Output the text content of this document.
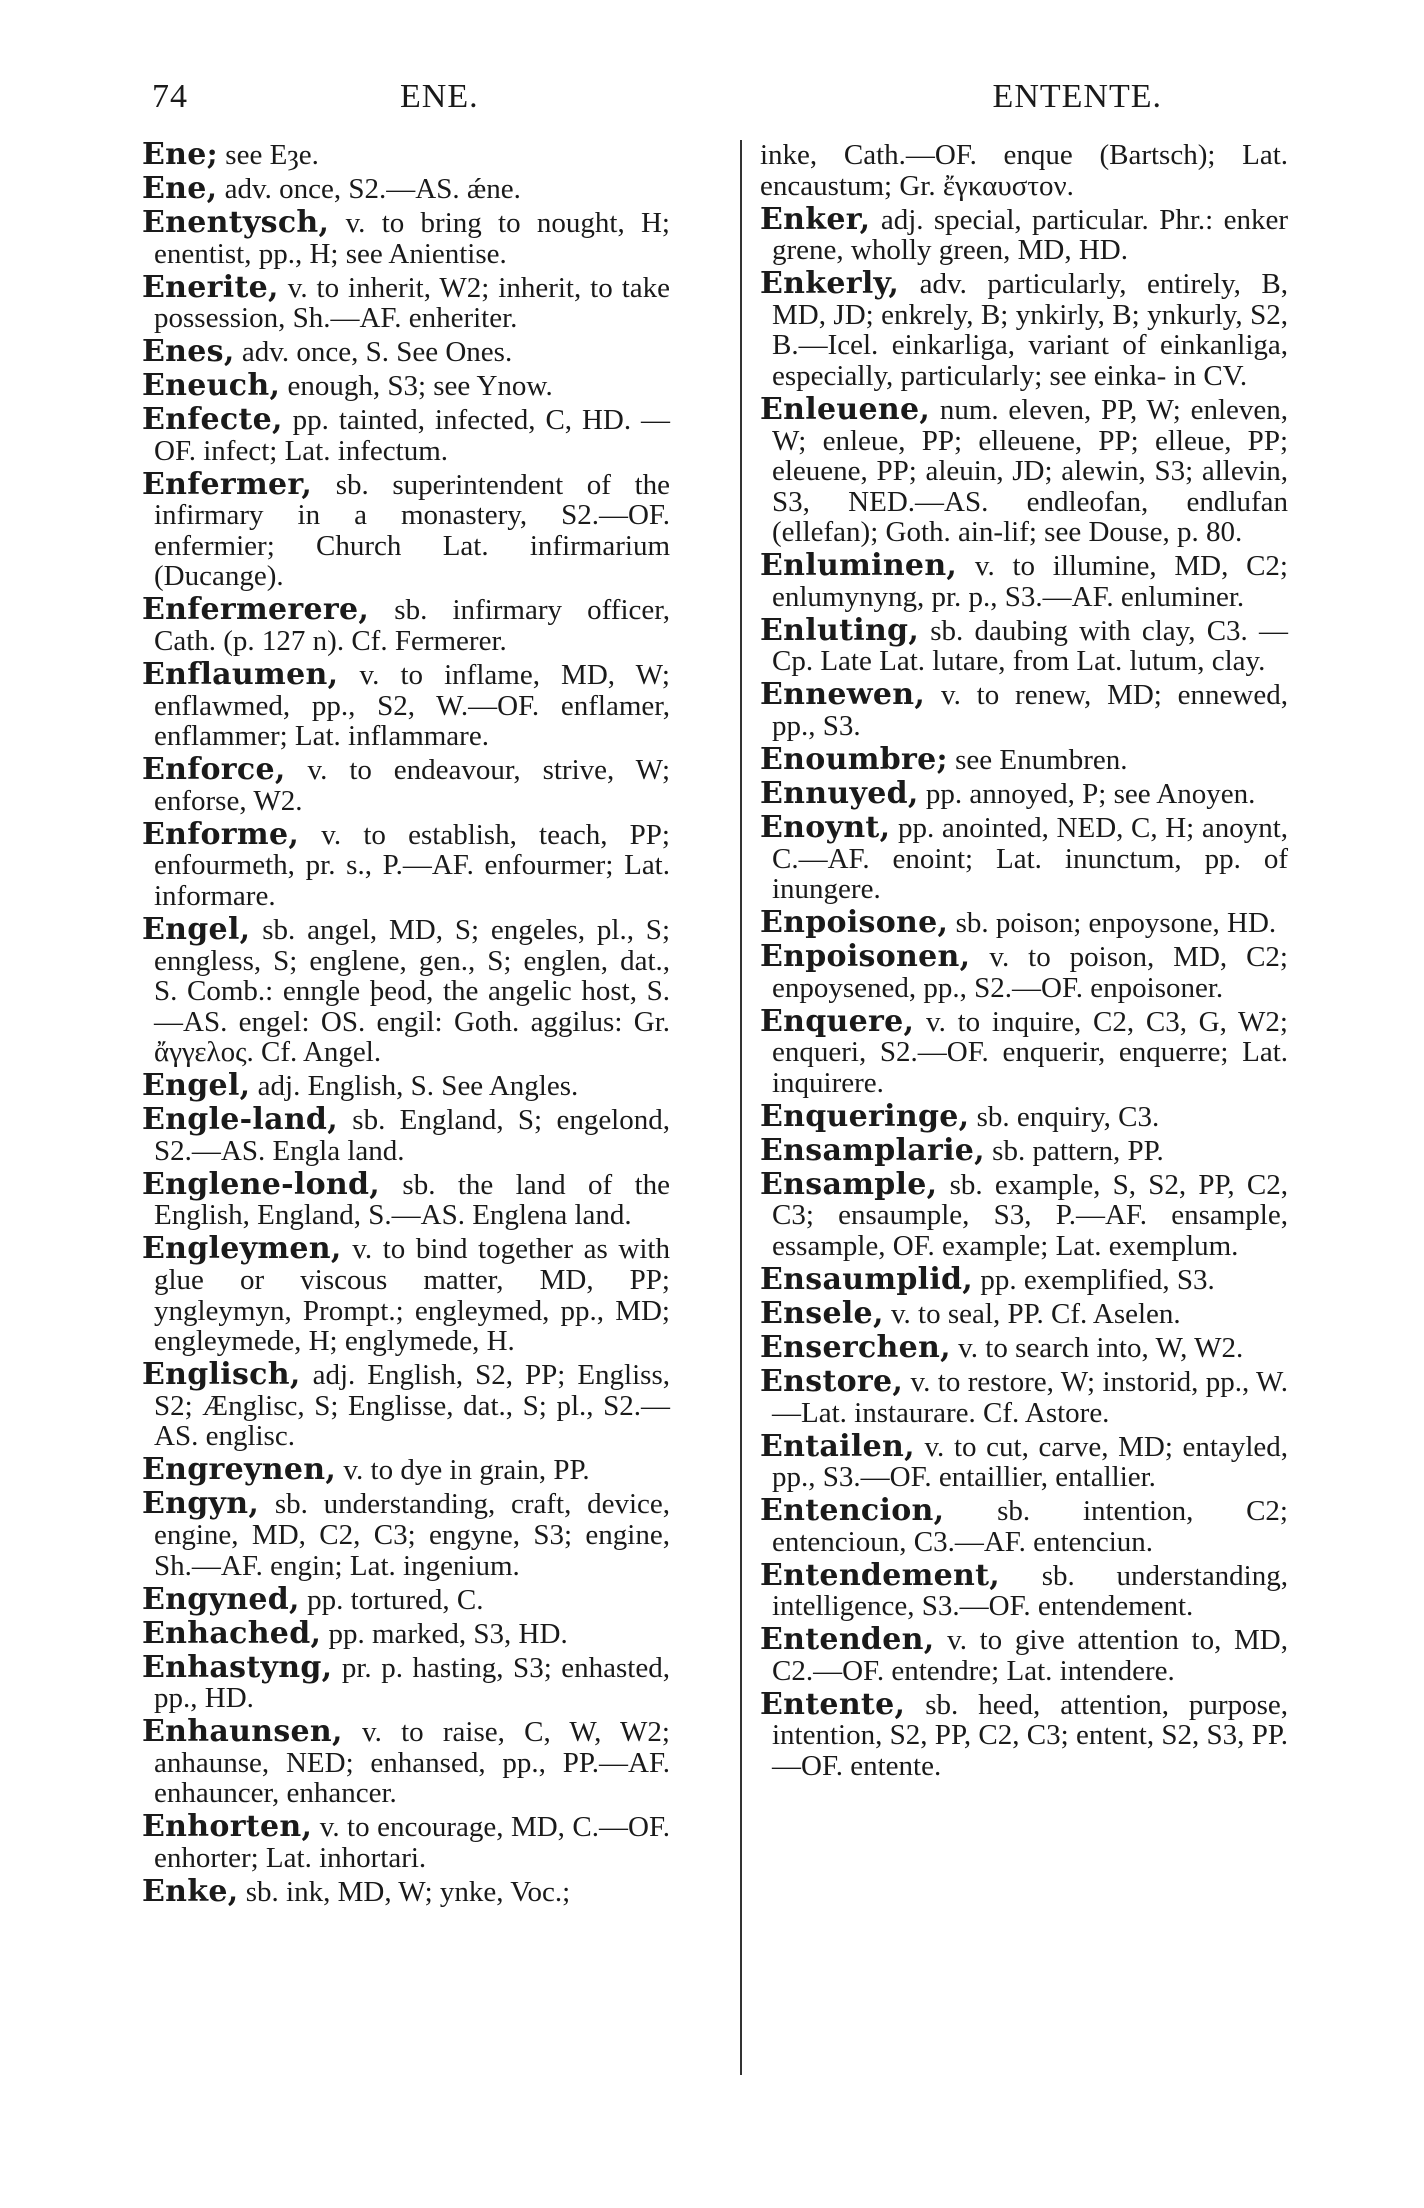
74	ENE.	ENTENTE.

Ene; see Eȝe.

Ene, adv. once, S2.—AS. ǽne.

Enentysch, v. to bring to nought, H; enentist, pp., H; see Anientise.

Enerite, v. to inherit, W2; inherit, to take possession, Sh.—AF. enheriter.

Enes, adv. once, S. See Ones.

Eneuch, enough, S3; see Ynow.

Enfecte, pp. tainted, infected, C, HD. —OF. infect; Lat. infectum.

Enfermer, sb. superintendent of the infirmary in a monastery, S2.—OF. enfermier; Church Lat. infirmarium (Ducange).

Enfermerere, sb. infirmary officer, Cath. (p. 127 n). Cf. Fermerer.

Enflaumen, v. to inflame, MD, W; enflawmed, pp., S2, W.—OF. enflamer, enflammer; Lat. inflammare.

Enforce, v. to endeavour, strive, W; enforse, W2.

Enforme, v. to establish, teach, PP; enfourmeth, pr. s., P.—AF. enfourmer; Lat. informare.

Engel, sb. angel, MD, S; engeles, pl., S; enngless, S; englene, gen., S; englen, dat., S. Comb.: enngle þeod, the angelic host, S.—AS. engel: OS. engil: Goth. aggilus: Gr. ἄγγελος. Cf. Angel.

Engel, adj. English, S. See Angles.

Engle-land, sb. England, S; engelond, S2.—AS. Engla land.

Englene-lond, sb. the land of the English, England, S.—AS. Englena land.

Engleymen, v. to bind together as with glue or viscous matter, MD, PP; yngleymyn, Prompt.; engleymed, pp., MD; engleymede, H; englymede, H.

Englisch, adj. English, S2, PP; Engliss, S2; Ænglisc, S; Englisse, dat., S; pl., S2.—AS. englisc.

Engreynen, v. to dye in grain, PP.

Engyn, sb. understanding, craft, device, engine, MD, C2, C3; engyne, S3; engine, Sh.—AF. engin; Lat. ingenium.

Engyned, pp. tortured, C.

Enhached, pp. marked, S3, HD.

Enhastyng, pr. p. hasting, S3; enhasted, pp., HD.

Enhaunsen, v. to raise, C, W, W2; anhaunse, NED; enhansed, pp., PP.—AF. enhauncer, enhancer.

Enhorten, v. to encourage, MD, C.—OF. enhorter; Lat. inhortari.

Enke, sb. ink, MD, W; ynke, Voc.;

inke, Cath.—OF. enque (Bartsch); Lat. encaustum; Gr. ἔγκαυστον.

Enker, adj. special, particular. Phr.: enker grene, wholly green, MD, HD.

Enkerly, adv. particularly, entirely, B, MD, JD; enkrely, B; ynkirly, B; ynkurly, S2, B.—Icel. einkarliga, variant of einkanliga, especially, particularly; see einka- in CV.

Enleuene, num. eleven, PP, W; enleven, W; enleue, PP; elleuene, PP; elleue, PP; eleuene, PP; aleuin, JD; alewin, S3; allevin, S3, NED.—AS. endleofan, endlufan (ellefan); Goth. ain-lif; see Douse, p. 80.

Enluminen, v. to illumine, MD, C2; enlumynyng, pr. p., S3.—AF. enluminer.

Enluting, sb. daubing with clay, C3. —Cp. Late Lat. lutare, from Lat. lutum, clay.

Ennewen, v. to renew, MD; ennewed, pp., S3.

Enoumbre; see Enumbren.

Ennuyed, pp. annoyed, P; see Anoyen.

Enoynt, pp. anointed, NED, C, H; anoynt, C.—AF. enoint; Lat. inunctum, pp. of inungere.

Enpoisone, sb. poison; enpoysone, HD.

Enpoisonen, v. to poison, MD, C2; enpoysened, pp., S2.—OF. enpoisoner.

Enquere, v. to inquire, C2, C3, G, W2; enqueri, S2.—OF. enquerir, enquerre; Lat. inquirere.

Enqueringe, sb. enquiry, C3.

Ensamplarie, sb. pattern, PP.

Ensample, sb. example, S, S2, PP, C2, C3; ensaumple, S3, P.—AF. ensample, essample, OF. example; Lat. exemplum.

Ensaumplid, pp. exemplified, S3.

Ensele, v. to seal, PP. Cf. Aselen.

Enserchen, v. to search into, W, W2.

Enstore, v. to restore, W; instorid, pp., W.—Lat. instaurare. Cf. Astore.

Entailen, v. to cut, carve, MD; entayled, pp., S3.—OF. entaillier, entallier.

Entencion, sb. intention, C2; entencioun, C3.—AF. entenciun.

Entendement, sb. understanding, intelligence, S3.—OF. entendement.

Entenden, v. to give attention to, MD, C2.—OF. entendre; Lat. intendere.

Entente, sb. heed, attention, purpose, intention, S2, PP, C2, C3; entent, S2, S3, PP.—OF. entente.
